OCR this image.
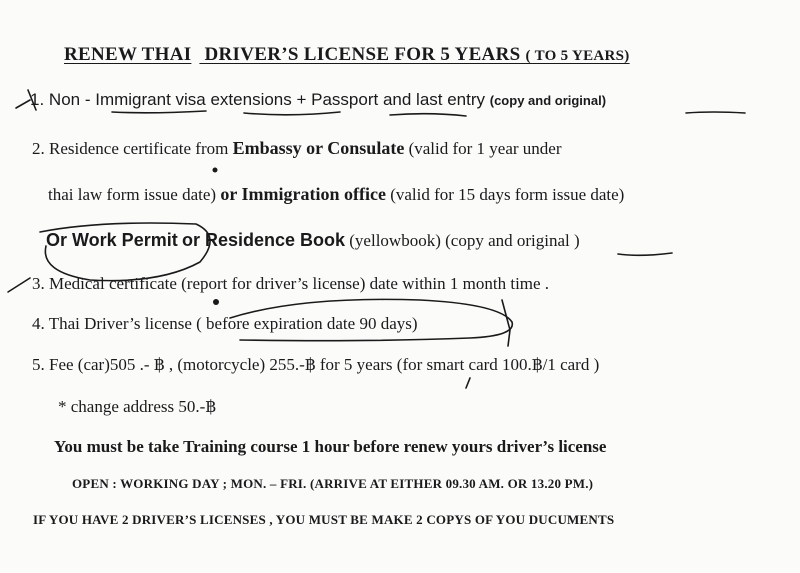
RENEW THAI DRIVER’S LICENSE FOR 5 YEARS ( TO 5 YEARS)
1. Non - Immigrant visa extensions + Passport and last entry (copy and original)
2. Residence certificate from Embassy or Consulate (valid for 1 year under
thai law form issue date) or Immigration office (valid for 15 days form issue date)
Or Work Permit or Residence Book (yellowbook) (copy and original )
3. Medical certificate (report for driver’s license) date within 1 month time .
4. Thai Driver’s license ( before expiration date 90 days)
5. Fee (car)505 .- ฿ , (motorcycle) 255.-฿ for 5 years (for smart card 100.฿/1 card )
* change address 50.-฿
You must be take Training course 1 hour before renew yours driver’s license
OPEN : WORKING DAY ; MON. – FRI. (ARRIVE AT EITHER 09.30 AM. OR 13.20 PM.)
IF YOU HAVE 2 DRIVER’S LICENSES , YOU MUST BE MAKE 2 COPYS OF YOU DUCUMENTS
